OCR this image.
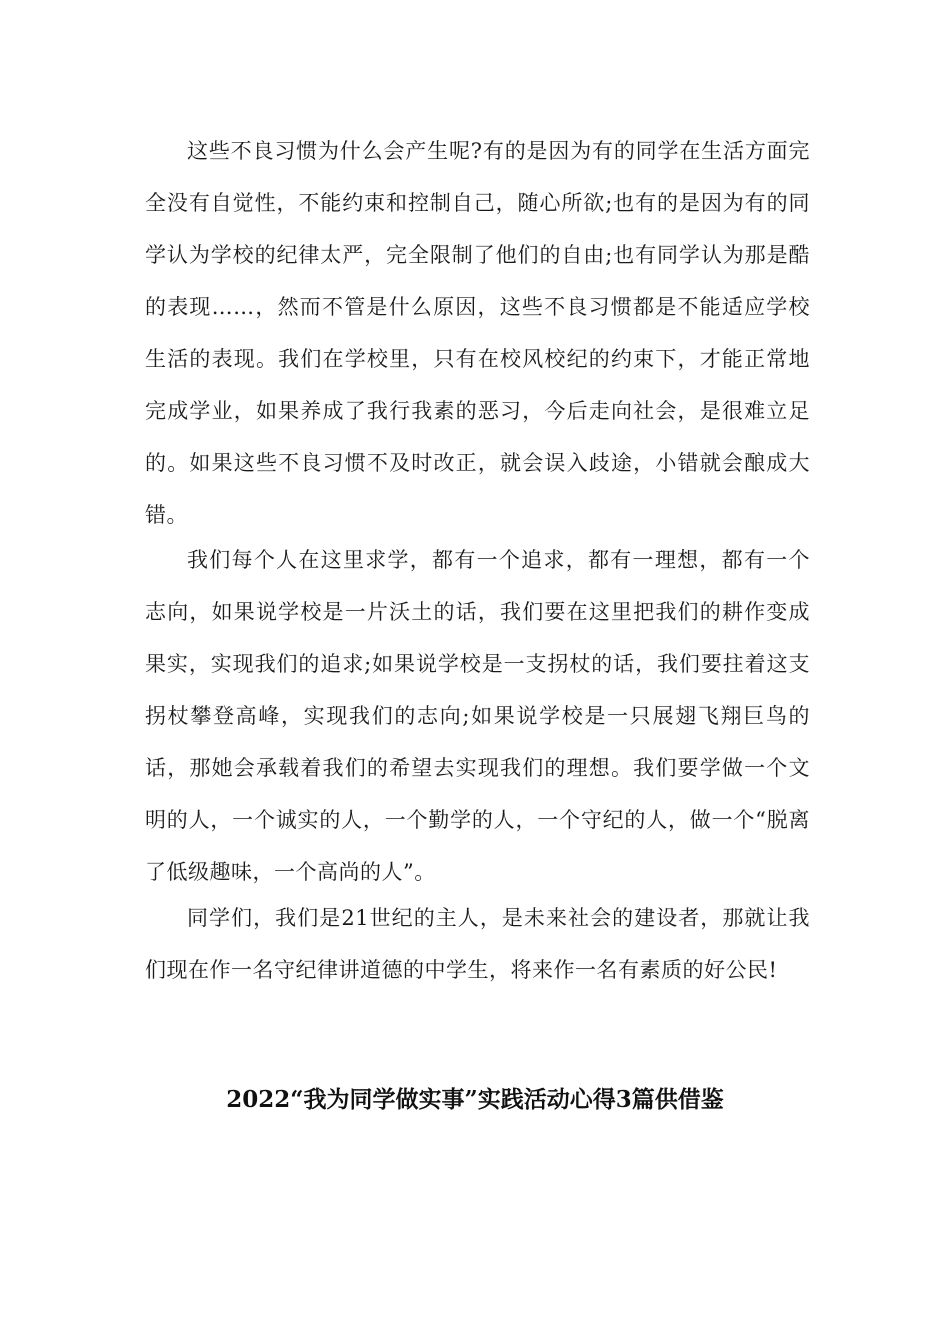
这些不良习惯为什么会产生呢?有的是因为有的同学在生活方面完全没有自觉性，不能约束和控制自己，随心所欲;也有的是因为有的同学认为学校的纪律太严，完全限制了他们的自由;也有同学认为那是酷的表现……，然而不管是什么原因，这些不良习惯都是不能适应学校生活的表现。我们在学校里，只有在校风校纪的约束下，才能正常地完成学业，如果养成了我行我素的恶习，今后走向社会，是很难立足的。如果这些不良习惯不及时改正，就会误入歧途，小错就会酿成大错。

我们每个人在这里求学，都有一个追求，都有一理想，都有一个志向，如果说学校是一片沃土的话，我们要在这里把我们的耕作变成果实，实现我们的追求;如果说学校是一支拐杖的话，我们要拄着这支拐杖攀登高峰，实现我们的志向;如果说学校是一只展翅飞翔巨鸟的话，那她会承载着我们的希望去实现我们的理想。我们要学做一个文明的人，一个诚实的人，一个勤学的人，一个守纪的人，做一个“脱离了低级趣味，一个高尚的人”。

同学们，我们是21世纪的主人，是未来社会的建设者，那就让我们现在作一名守纪律讲道德的中学生，将来作一名有素质的好公民!

2022“我为同学做实事”实践活动心得3篇供借鉴
